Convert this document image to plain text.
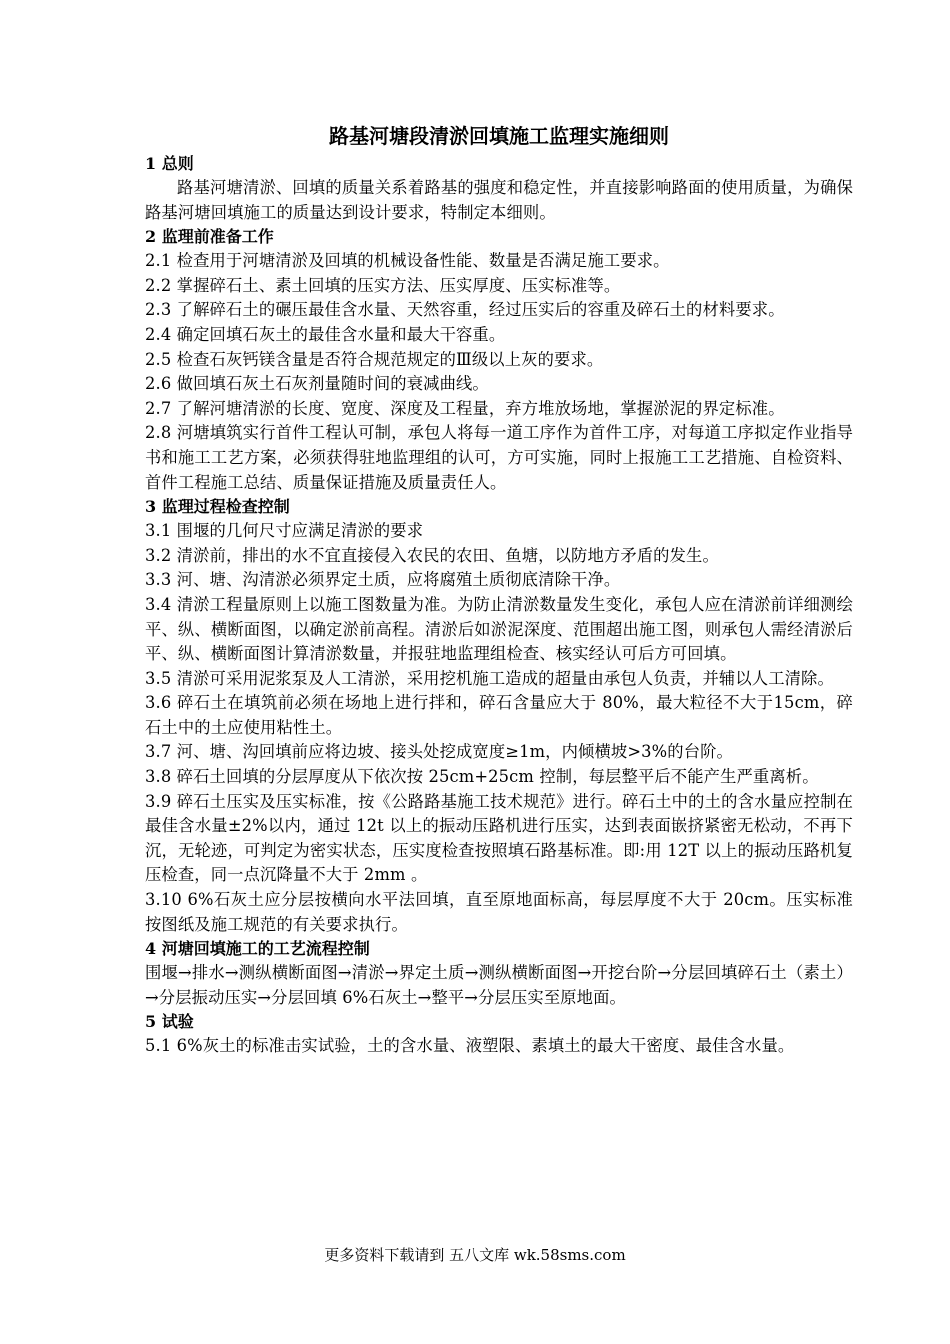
路基河塘段清淤回填施工监理实施细则
1 总则

路基河塘清淤、回填的质量关系着路基的强度和稳定性，并直接影响路面的使用质量，为确保路基河塘回填施工的质量达到设计要求，特制定本细则。

2 监理前准备工作

2.1 检查用于河塘清淤及回填的机械设备性能、数量是否满足施工要求。

2.2 掌握碎石土、素土回填的压实方法、压实厚度、压实标准等。

2.3 了解碎石土的碾压最佳含水量、天然容重，经过压实后的容重及碎石土的材料要求。

2.4 确定回填石灰土的最佳含水量和最大干容重。

2.5 检查石灰钙镁含量是否符合规范规定的Ⅲ级以上灰的要求。

2.6 做回填石灰土石灰剂量随时间的衰减曲线。

2.7 了解河塘清淤的长度、宽度、深度及工程量，弃方堆放场地，掌握淤泥的界定标准。

2.8 河塘填筑实行首件工程认可制，承包人将每一道工序作为首件工序，对每道工序拟定作业指导书和施工工艺方案，必须获得驻地监理组的认可，方可实施，同时上报施工工艺措施、自检资料、首件工程施工总结、质量保证措施及质量责任人。

3 监理过程检查控制

3.1 围堰的几何尺寸应满足清淤的要求

3.2 清淤前，排出的水不宜直接侵入农民的农田、鱼塘，以防地方矛盾的发生。

3.3 河、塘、沟清淤必须界定土质，应将腐殖土质彻底清除干净。

3.4 清淤工程量原则上以施工图数量为准。为防止清淤数量发生变化，承包人应在清淤前详细测绘平、纵、横断面图，以确定淤前高程。清淤后如淤泥深度、范围超出施工图，则承包人需经清淤后平、纵、横断面图计算清淤数量，并报驻地监理组检查、核实经认可后方可回填。

3.5 清淤可采用泥浆泵及人工清淤，采用挖机施工造成的超量由承包人负责，并辅以人工清除。

3.6 碎石土在填筑前必须在场地上进行拌和，碎石含量应大于 80%，最大粒径不大于15cm，碎石土中的土应使用粘性土。

3.7 河、塘、沟回填前应将边坡、接头处挖成宽度≥1m，内倾横坡>3%的台阶。

3.8 碎石土回填的分层厚度从下依次按 25cm+25cm 控制，每层整平后不能产生严重离析。

3.9 碎石土压实及压实标准，按《公路路基施工技术规范》进行。碎石土中的土的含水量应控制在最佳含水量±2%以内，通过 12t 以上的振动压路机进行压实，达到表面嵌挤紧密无松动，不再下沉，无轮迹，可判定为密实状态，压实度检查按照填石路基标准。即:用 12T 以上的振动压路机复压检查，同一点沉降量不大于 2mm 。

3.10 6%石灰土应分层按横向水平法回填，直至原地面标高，每层厚度不大于 20cm。压实标准按图纸及施工规范的有关要求执行。

4 河塘回填施工的工艺流程控制

围堰→排水→测纵横断面图→清淤→界定土质→测纵横断面图→开挖台阶→分层回填碎石土（素土）→分层振动压实→分层回填 6%石灰土→整平→分层压实至原地面。

5 试验

5.1 6%灰土的标准击实试验，土的含水量、液塑限、素填土的最大干密度、最佳含水量。

更多资料下载请到 五八文库 wk.58sms.com
